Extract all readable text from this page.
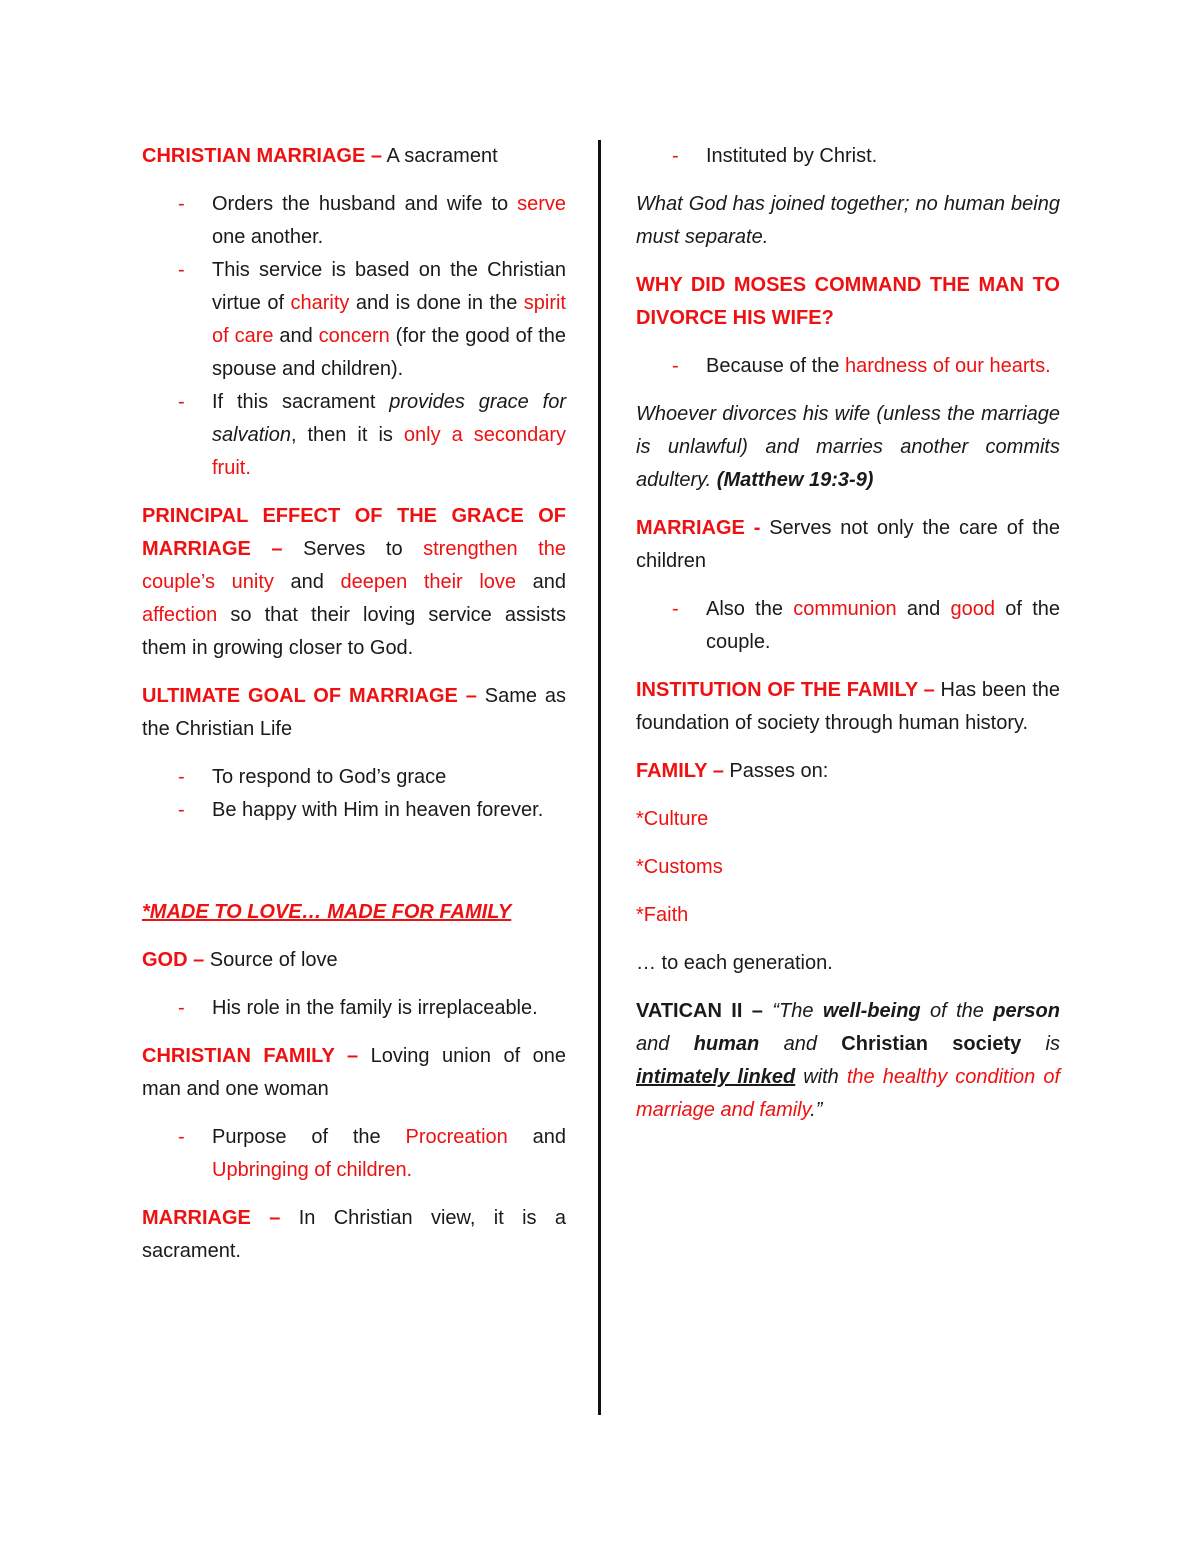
CHRISTIAN MARRIAGE – A sacrament

- Orders the husband and wife to serve one another.
- This service is based on the Christian virtue of charity and is done in the spirit of care and concern (for the good of the spouse and children).
- If this sacrament provides grace for salvation, then it is only a secondary fruit.

PRINCIPAL EFFECT OF THE GRACE OF MARRIAGE – Serves to strengthen the couple’s unity and deepen their love and affection so that their loving service assists them in growing closer to God.

ULTIMATE GOAL OF MARRIAGE – Same as the Christian Life

- To respond to God’s grace
- Be happy with Him in heaven forever.

*MADE TO LOVE… MADE FOR FAMILY

GOD – Source of love

- His role in the family is irreplaceable.

CHRISTIAN FAMILY – Loving union of one man and one woman

- Purpose of the Procreation and Upbringing of children.

MARRIAGE – In Christian view, it is a sacrament.

- Instituted by Christ.

What God has joined together; no human being must separate.

WHY DID MOSES COMMAND THE MAN TO DIVORCE HIS WIFE?

- Because of the hardness of our hearts.

Whoever divorces his wife (unless the marriage is unlawful) and marries another commits adultery. (Matthew 19:3-9)

MARRIAGE - Serves not only the care of the children

- Also the communion and good of the couple.

INSTITUTION OF THE FAMILY – Has been the foundation of society through human history.

FAMILY – Passes on:

*Culture

*Customs

*Faith

… to each generation.

VATICAN II – “The well-being of the person and human and Christian society is intimately linked with the healthy condition of marriage and family.”
